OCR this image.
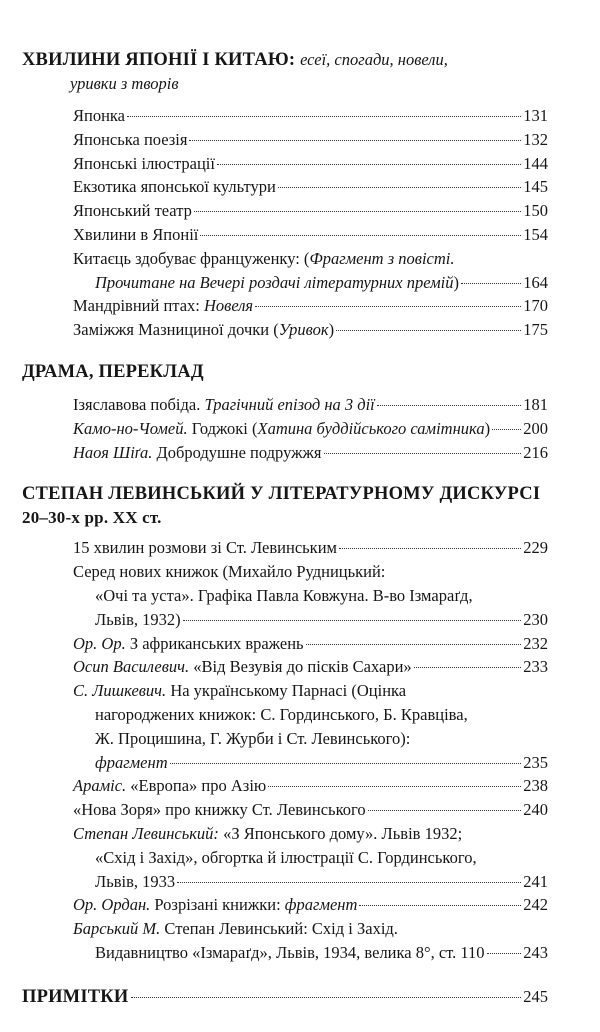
ХВИЛИНИ ЯПОНІЇ І КИТАЮ: есеї, спогади, новели,
уривки з творів
Японка	131
Японська поезія	132
Японські ілюстрації	144
Екзотика японської культури	145
Японський театр	150
Хвилини в Японії	154
Китаєць здобуває француженку: (Фрагмент з повісті.
Прочитане на Вечері роздачі літературних премій)	164
Мандрівний птах: Новеля	170
Заміжжя Мазнициної дочки (Уривок)	175
ДРАМА, ПЕРЕКЛАД
Ізяславова побіда. Трагічний епізод на 3 дії	181
Камо-но-Чомей. Годжокі (Хатина буддійського самітника) 200
Наоя Шіґа. Добродушне подружжя	216
СТЕПАН ЛЕВИНСЬКИЙ У ЛІТЕРАТУРНОМУ ДИСКУРСІ
20–30-х рр. XX ст.
15 хвилин розмови зі Ст. Левинським	229
Серед нових книжок (Михайло Рудницький:
«Очі та уста». Графіка Павла Ковжуна. В-во Ізмараґд,
Львів, 1932)	230
Ор. Ор. З африканських вражень	232
Осип Василевич. «Від Везувія до пісків Сахари»	233
С. Лишкевич. На українському Парнасі (Оцінка
нагороджених книжок: С. Гординського, Б. Кравціва,
Ж. Процишина, Г. Журби і Ст. Левинського):
фрагмент	235
Араміс. «Европа» про Азію	238
«Нова Зоря» про книжку Ст. Левинського	240
Степан Левинський: «З Японського дому». Львів 1932;
«Схід і Захід», обгортка й ілюстрації С. Гординського,
Львів, 1933	241
Ор. Ордан. Розрізані книжки: фрагмент	242
Барський М. Степан Левинський: Схід і Захід.
Видавництво «Ізмараґд», Львів, 1934, велика 8°, ст. 110 243
ПРИМІТКИ	245
